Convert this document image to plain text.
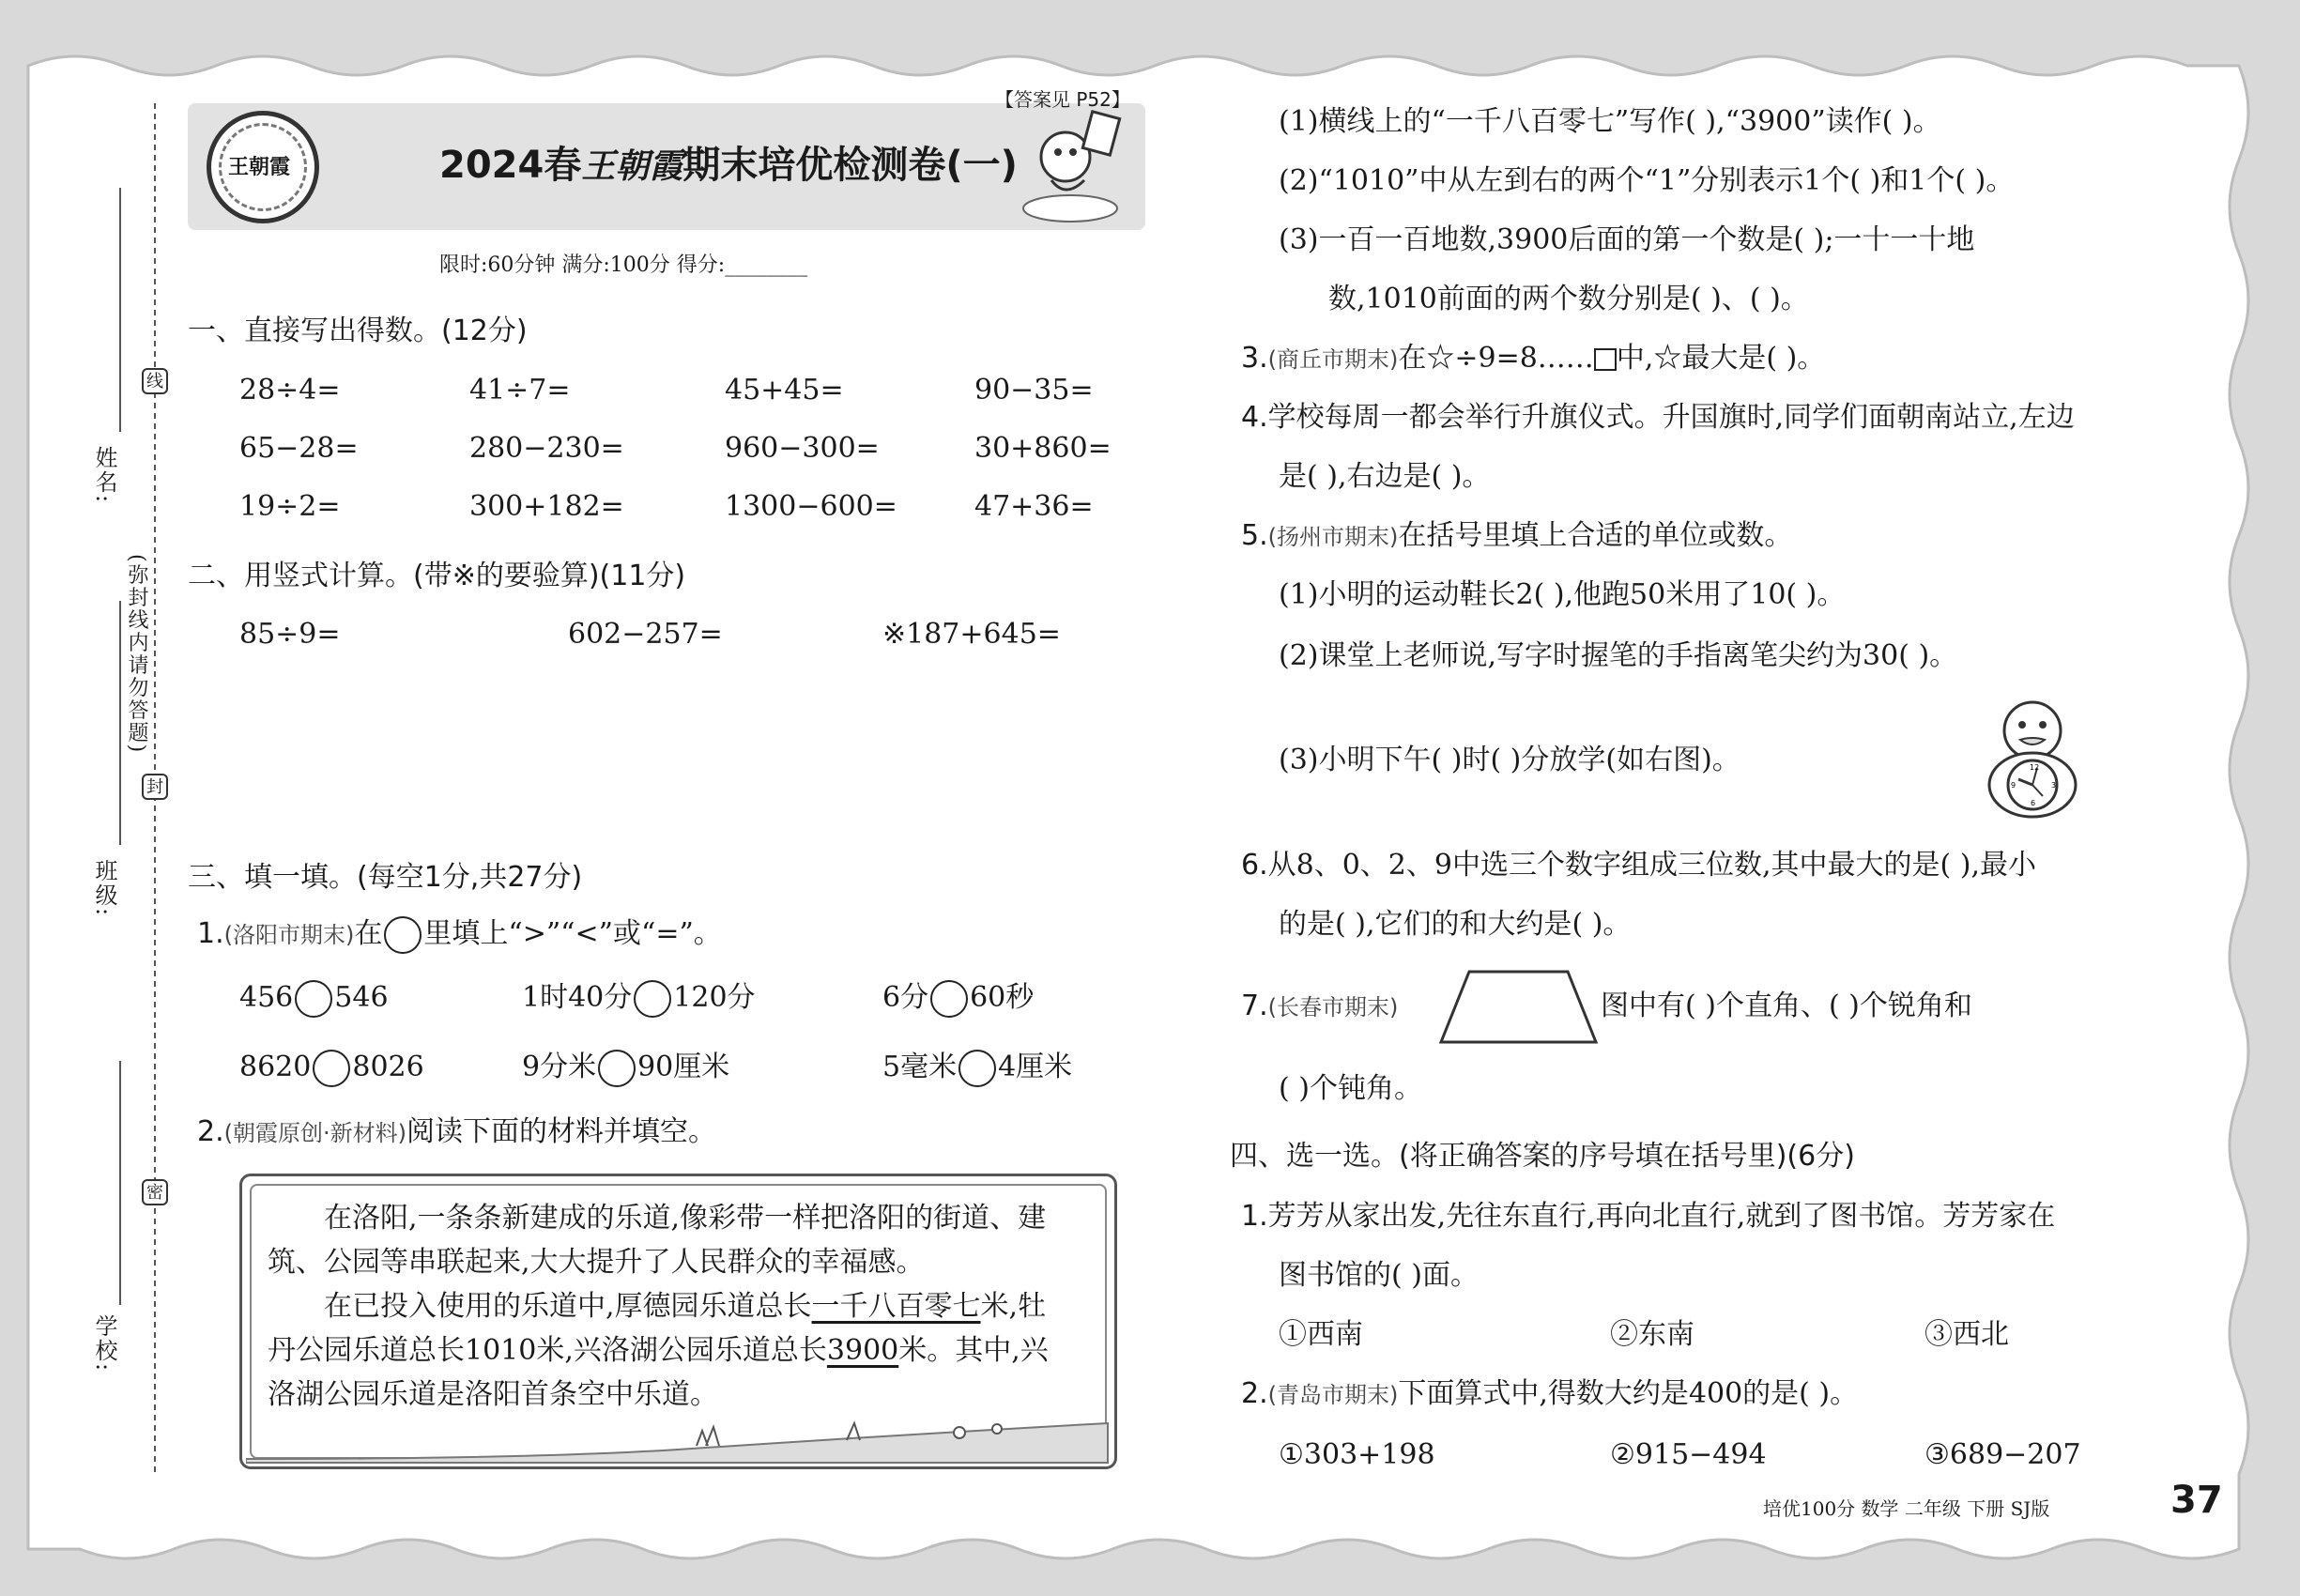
姓名:
班级:
学校:
线
封
密
(弥封线内请勿答题)
王朝霞
【答案见 P52】
2024春王朝霞期末培优检测卷(一)
限时:60分钟 满分:100分 得分:________
一、直接写出得数。(12分)
28÷4=	41÷7=	45+45=	90−35=
65−28=	280−230=	960−300=	30+860=
19÷2=	300+182=	1300−600=	47+36=
二、用竖式计算。(带※的要验算)(11分)
85÷9=	602−257=	※187+645=
三、填一填。(每空1分,共27分)
1.(洛阳市期末)在 里填上“>”“<”或“=”。
456 546	1时40分 120分	6分 60秒
8620 8026	9分米 90厘米	5毫米 4厘米
2.(朝霞原创·新材料)阅读下面的材料并填空。
在洛阳,一条条新建成的乐道,像彩带一样把洛阳的街道、建
筑、公园等串联起来,大大提升了人民群众的幸福感。
在已投入使用的乐道中,厚德园乐道总长一千八百零七米,牡
丹公园乐道总长1010米,兴洛湖公园乐道总长3900米。其中,兴
洛湖公园乐道是洛阳首条空中乐道。
(1)横线上的“一千八百零七”写作( ),“3900”读作( )。
(2)“1010”中从左到右的两个“1”分别表示1个( )和1个( )。
(3)一百一百地数,3900后面的第一个数是( );一十一十地
数,1010前面的两个数分别是( )、( )。
3.(商丘市期末)在☆÷9=8…… 中,☆最大是( )。
4.学校每周一都会举行升旗仪式。升国旗时,同学们面朝南站立,左边
是( ),右边是( )。
5.(扬州市期末)在括号里填上合适的单位或数。
(1)小明的运动鞋长2( ),他跑50米用了10( )。
(2)课堂上老师说,写字时握笔的手指离笔尖约为30( )。
(3)小明下午( )时( )分放学(如右图)。	12
3
6
9
6.从8、0、2、9中选三个数字组成三位数,其中最大的是( ),最小
的是( ),它们的和大约是( )。
7.(长春市期末)	图中有( )个直角、( )个锐角和
( )个钝角。
四、选一选。(将正确答案的序号填在括号里)(6分)
1.芳芳从家出发,先往东直行,再向北直行,就到了图书馆。芳芳家在
图书馆的( )面。
①西南	②东南	③西北
2.(青岛市期末)下面算式中,得数大约是400的是( )。
①303+198	②915−494	③689−207
培优100分 数学 二年级 下册 SJ版	37
